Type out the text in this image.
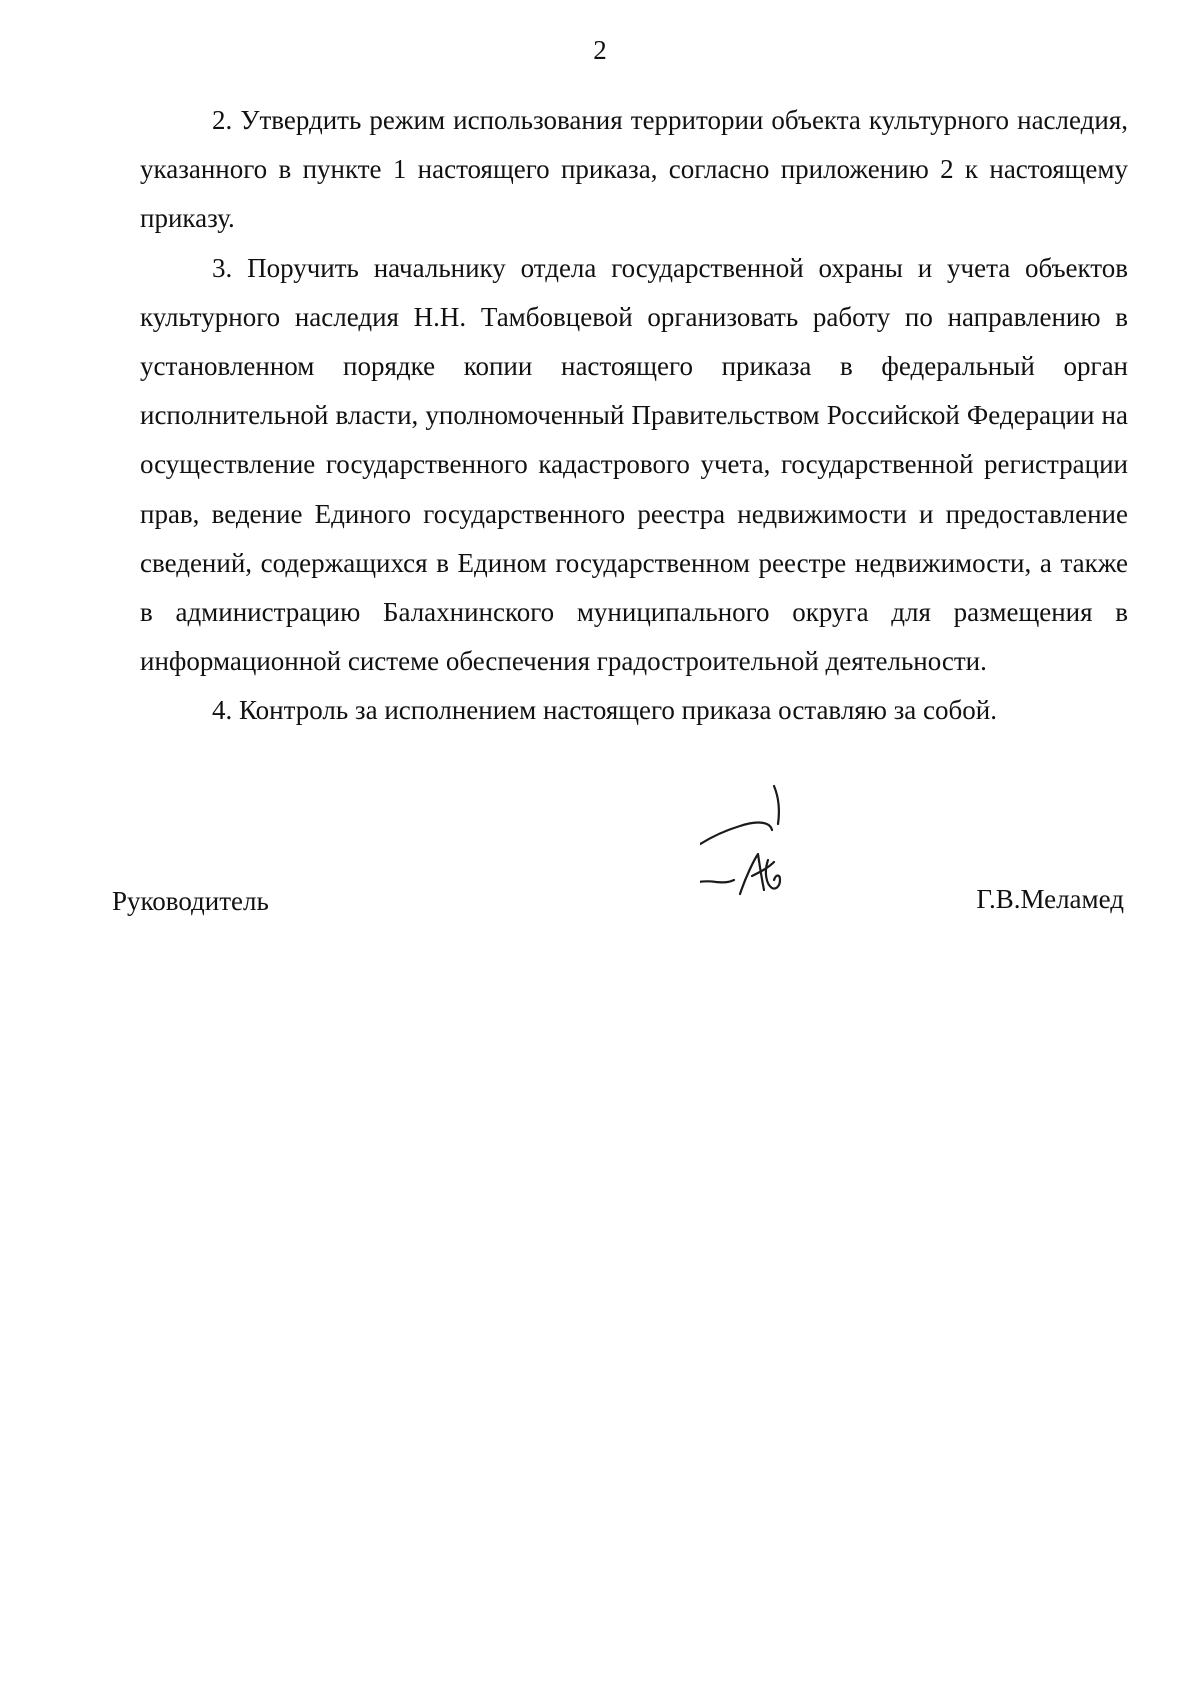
2

2. Утвердить режим использования территории объекта культурного наследия, указанного в пункте 1 настоящего приказа, согласно приложению 2 к настоящему приказу.

3. Поручить начальнику отдела государственной охраны и учета объектов культурного наследия Н.Н. Тамбовцевой организовать работу по направлению в установленном порядке копии настоящего приказа в федеральный орган исполнительной власти, уполномоченный Правительством Российской Федерации на осуществление государственного кадастрового учета, государственной регистрации прав, ведение Единого государственного реестра недвижимости и предоставление сведений, содержащихся в Едином государственном реестре недвижимости, а также в администрацию Балахнинского муниципального округа для размещения в информационной системе обеспечения градостроительной деятельности.

4. Контроль за исполнением настоящего приказа оставляю за собой.

Руководитель	Г.В.Меламед
